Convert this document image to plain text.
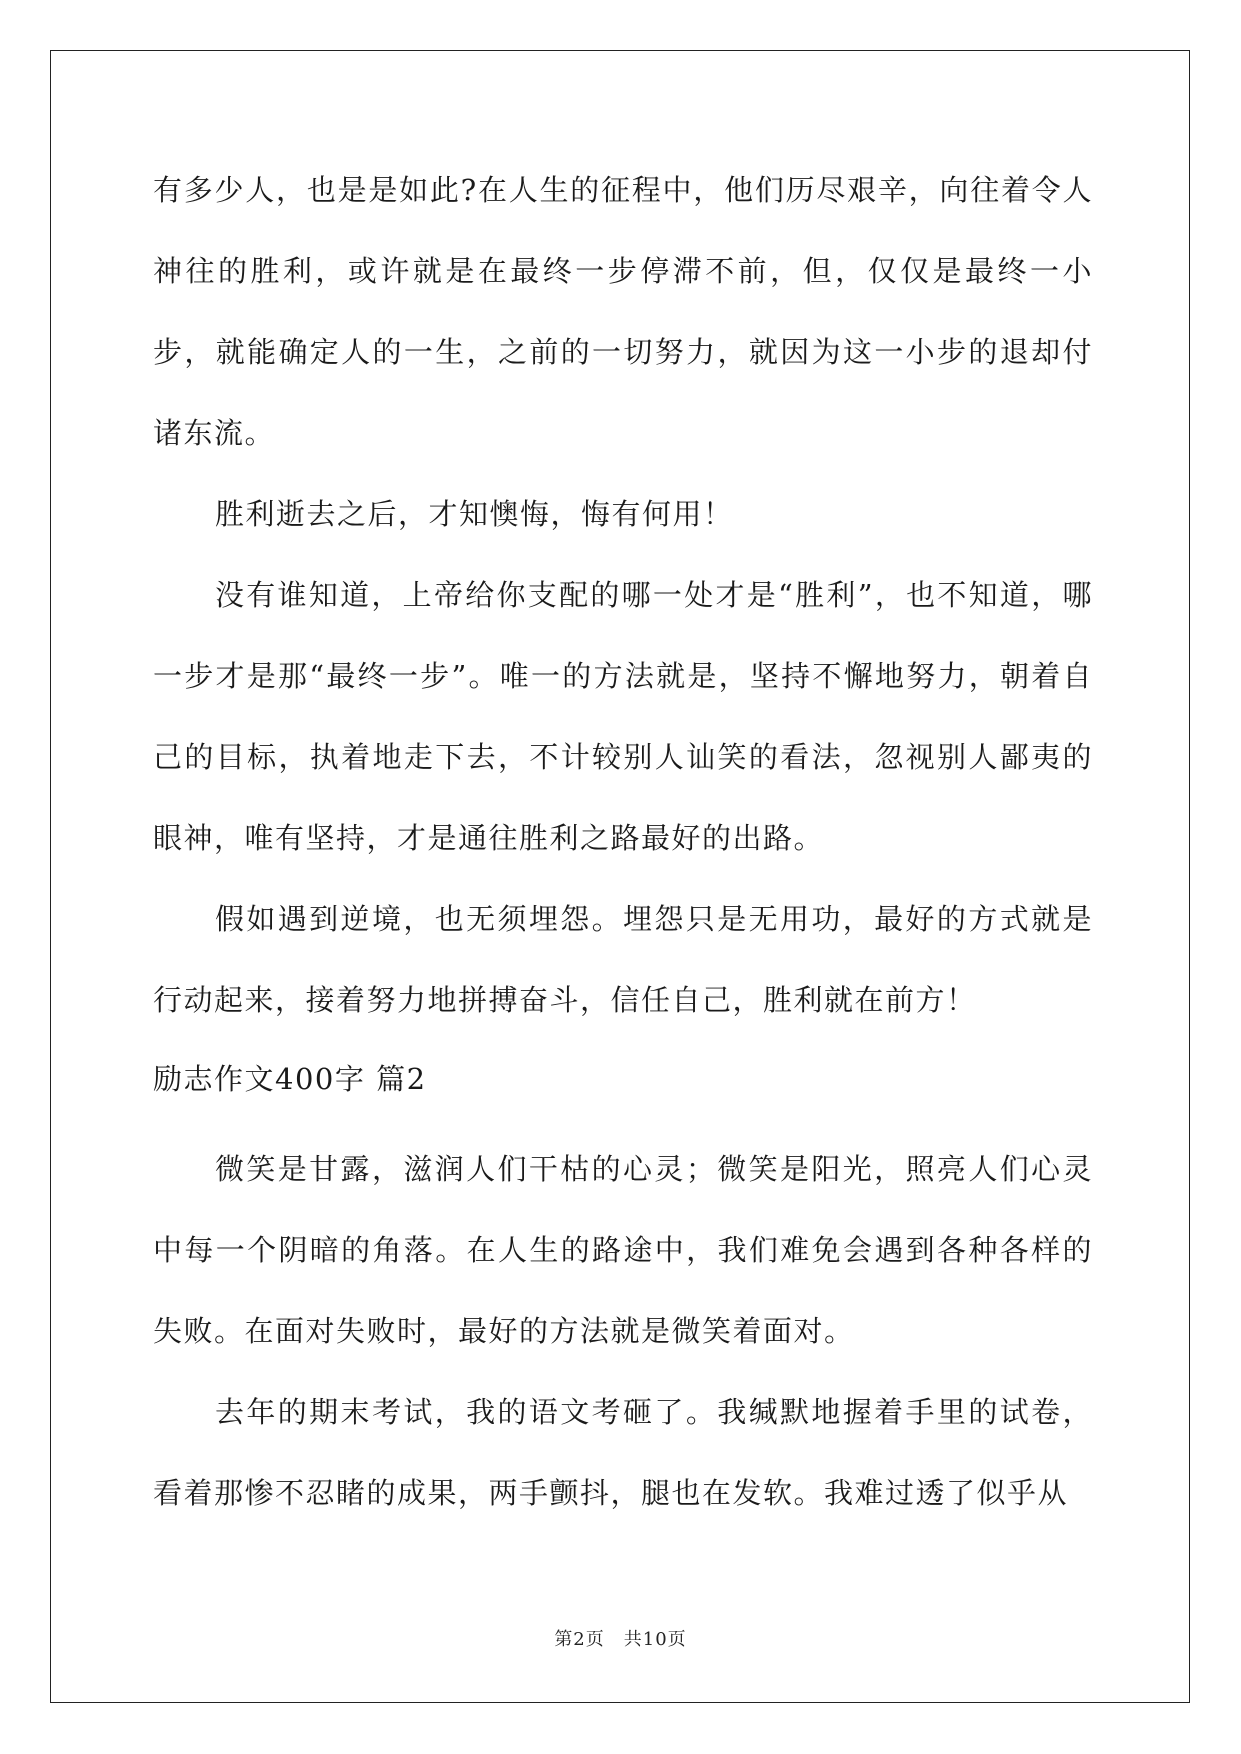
有多少人，也是是如此?在人生的征程中，他们历尽艰辛，向往着令人神往的胜利，或许就是在最终一步停滞不前，但，仅仅是最终一小步，就能确定人的一生，之前的一切努力，就因为这一小步的退却付诸东流。

胜利逝去之后，才知懊悔，悔有何用！

没有谁知道，上帝给你支配的哪一处才是“胜利”，也不知道，哪一步才是那“最终一步”。唯一的方法就是，坚持不懈地努力，朝着自己的目标，执着地走下去，不计较别人讪笑的看法，忽视别人鄙夷的眼神，唯有坚持，才是通往胜利之路最好的出路。

假如遇到逆境，也无须埋怨。埋怨只是无用功，最好的方式就是行动起来，接着努力地拼搏奋斗，信任自己，胜利就在前方！

励志作文400字 篇2

微笑是甘露，滋润人们干枯的心灵；微笑是阳光，照亮人们心灵中每一个阴暗的角落。在人生的路途中，我们难免会遇到各种各样的失败。在面对失败时，最好的方法就是微笑着面对。

去年的期末考试，我的语文考砸了。我缄默地握着手里的试卷，看着那惨不忍睹的成果，两手颤抖，腿也在发软。我难过透了似乎从

第2页　共10页
